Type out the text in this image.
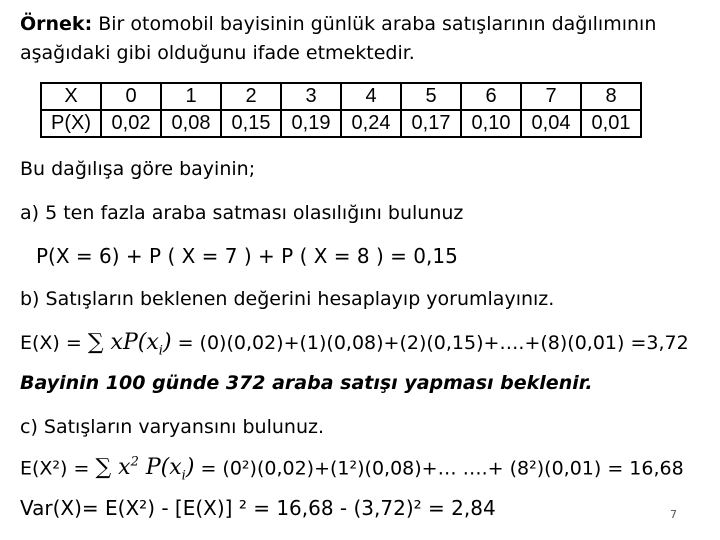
Örnek: Bir otomobil bayisinin günlük araba satışlarının dağılımının
aşağıdaki gibi olduğunu ifade etmektedir.
X	0	1	2	3	4	5	6	7	8
P(X)	0,02	0,08	0,15	0,19	0,24	0,17	0,10	0,04	0,01
Bu dağılışa göre bayinin;
a) 5 ten fazla araba satması olasılığını bulunuz
P(X = 6) + P ( X = 7 ) + P ( X = 8 ) = 0,15
b) Satışların beklenen değerini hesaplayıp yorumlayınız.
E(X) = ∑ $xP(x_i)$ = (0)(0,02)+(1)(0,08)+(2)(0,15)+….+(8)(0,01) =3,72
Bayinin 100 günde 372 araba satışı yapması beklenir.
c) Satışların varyansını bulunuz.
E(X²) = ∑ $x^2$ $P(x_i)$ = (0²)(0,02)+(1²)(0,08)+… ….+ (8²)(0,01) = 16,68
Var(X)= E(X²) - [E(X)] ² = 16,68 - (3,72)² = 2,84	7
